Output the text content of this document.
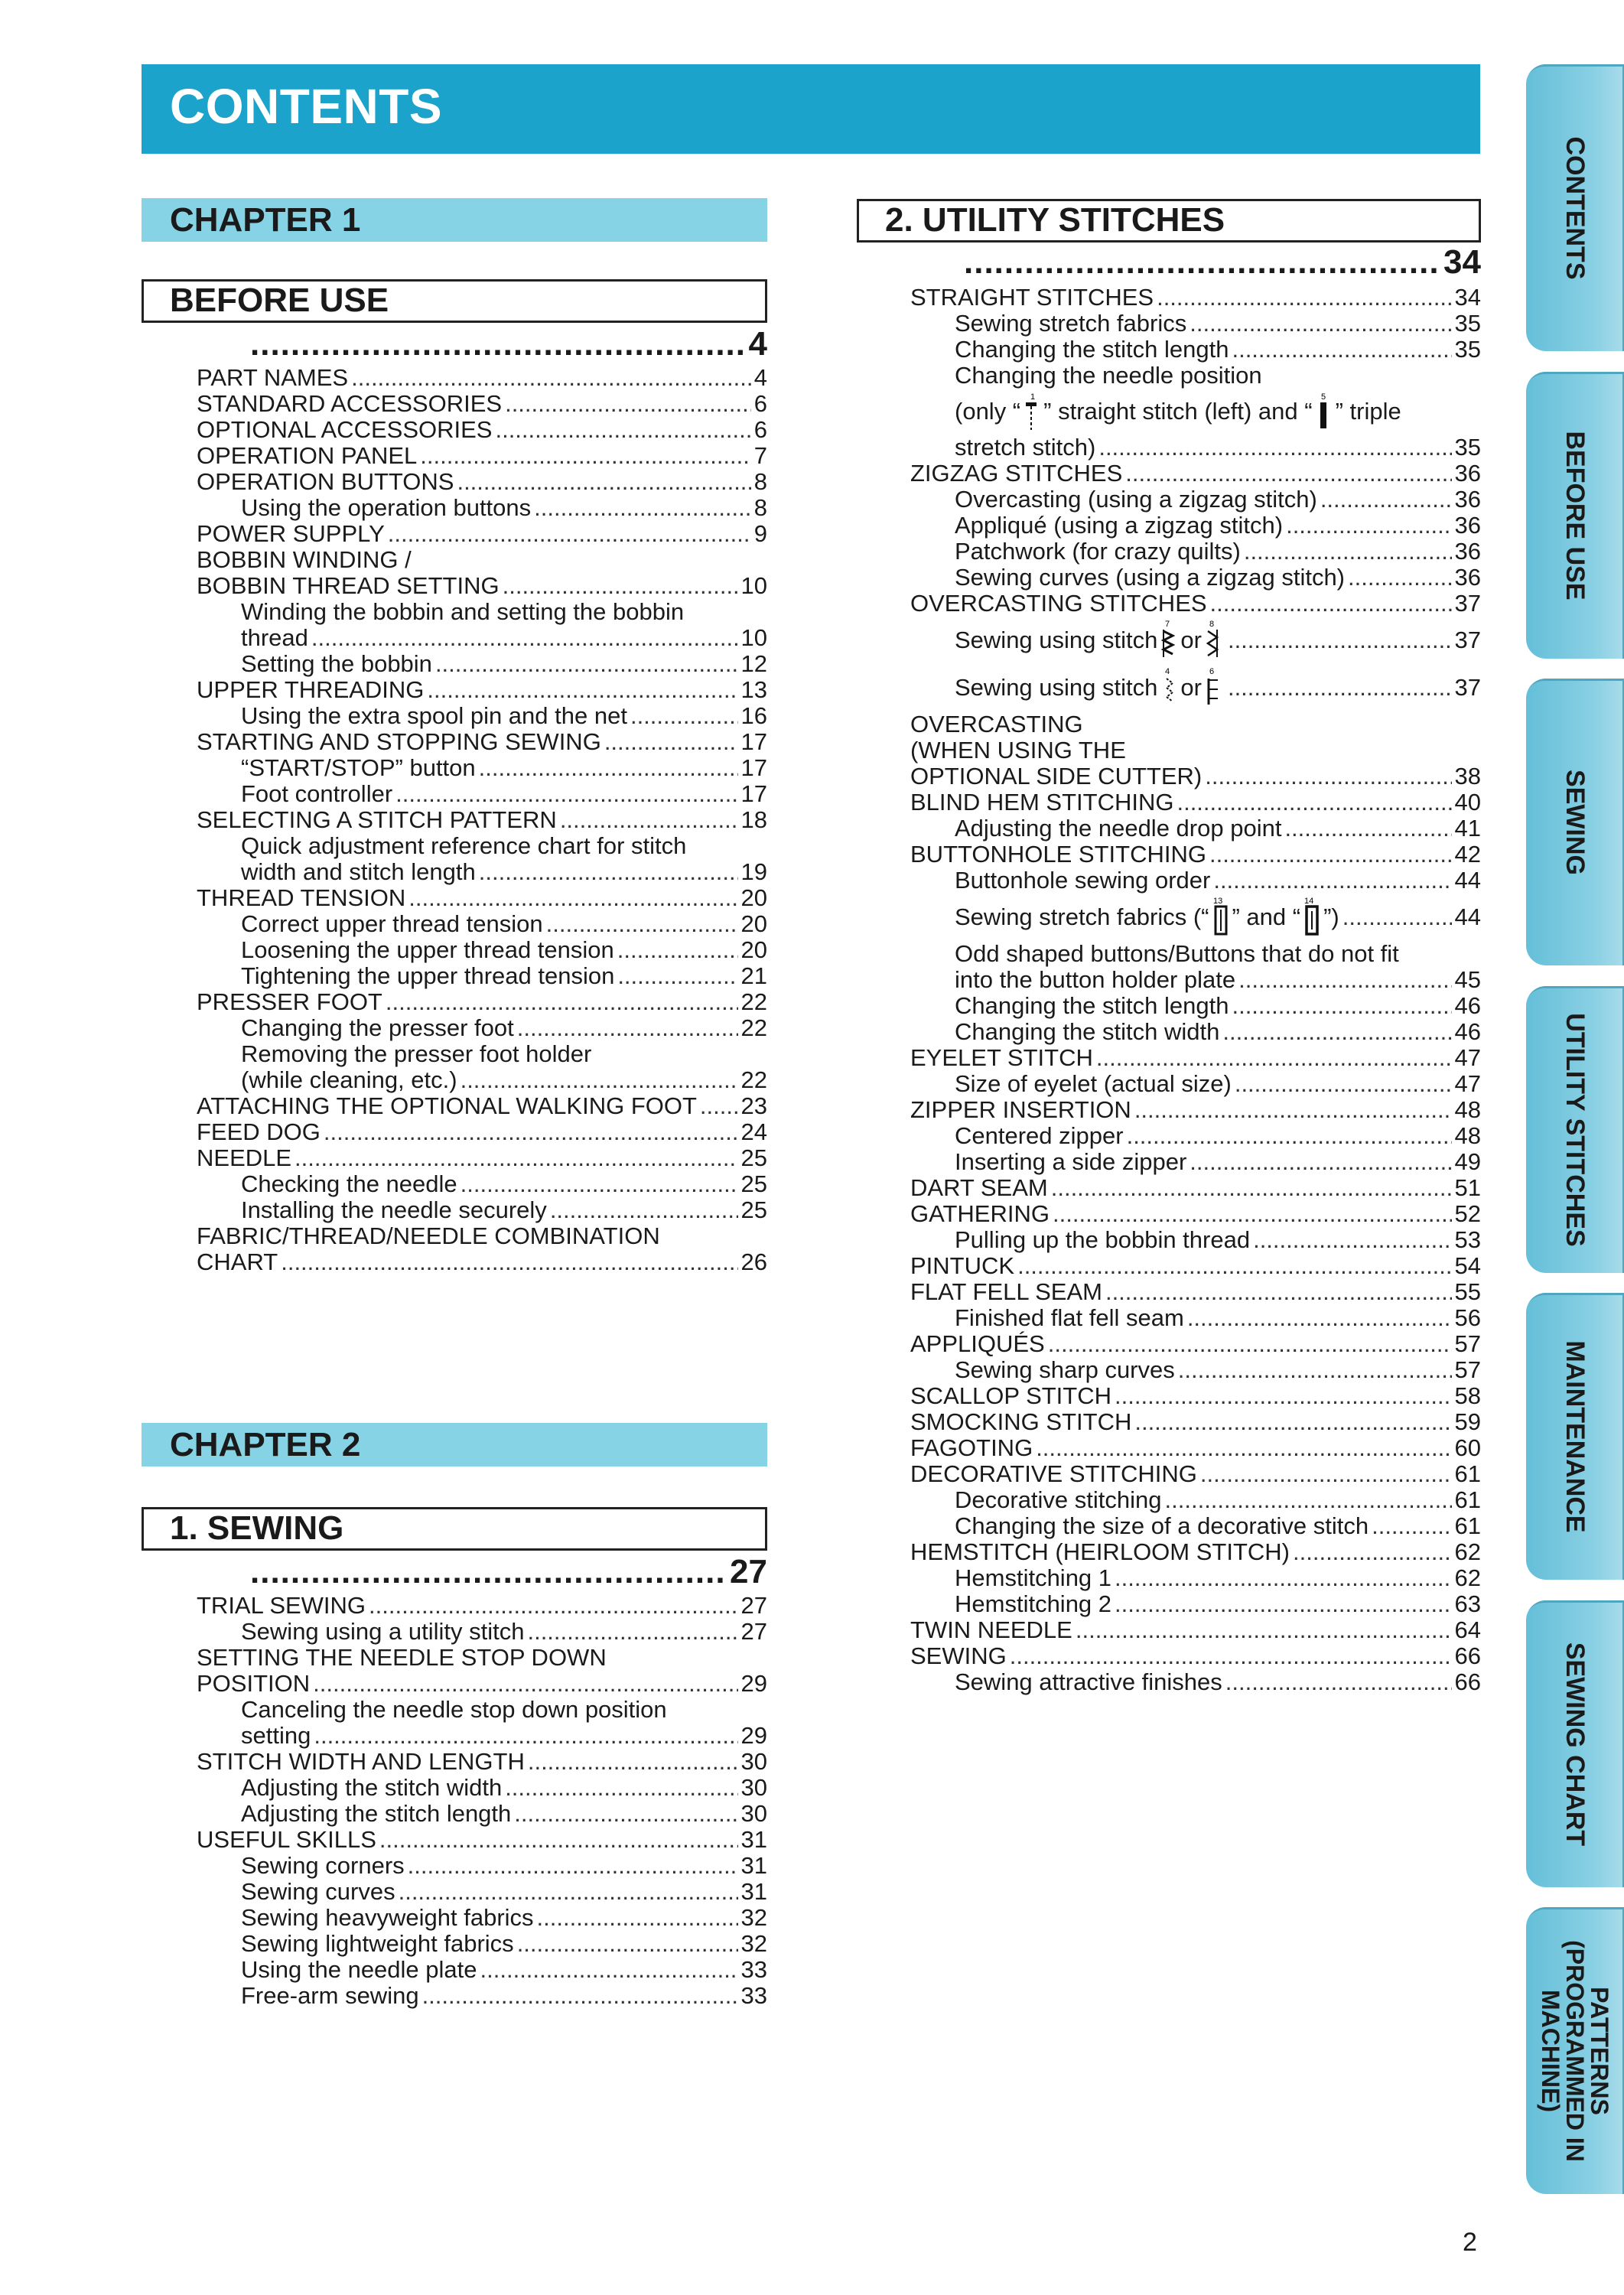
CONTENTS
CHAPTER 1
BEFORE USE
.....
4
PART NAMES .....	4
STANDARD ACCESSORIES .....	6
OPTIONAL ACCESSORIES .....	6
OPERATION PANEL .....	7
OPERATION BUTTONS .....	8
Using the operation buttons .....	8
POWER SUPPLY .....	9
BOBBIN WINDING /
BOBBIN THREAD SETTING .....	10
Winding the bobbin and setting the bobbin
thread .....	10
Setting the bobbin .....	12
UPPER THREADING .....	13
Using the extra spool pin and the net .....	16
STARTING AND STOPPING SEWING .....	17
“START/STOP” button .....	17
Foot controller .....	17
SELECTING A STITCH PATTERN .....	18
Quick adjustment reference chart for stitch
width and stitch length .....	19
THREAD TENSION .....	20
Correct upper thread tension .....	20
Loosening the upper thread tension .....	20
Tightening the upper thread tension .....	21
PRESSER FOOT .....	22
Changing the presser foot .....	22
Removing the presser foot holder
(while cleaning, etc.) .....	22
ATTACHING THE OPTIONAL WALKING FOOT ..... 23
FEED DOG .....	24
NEEDLE .....	25
Checking the needle .....	25
Installing the needle securely .....	25
FABRIC/THREAD/NEEDLE COMBINATION
CHART .....	26
CHAPTER 2
1. SEWING
.....
27
TRIAL SEWING .....	27
Sewing using a utility stitch .....	27
SETTING THE NEEDLE STOP DOWN
POSITION .....	29
Canceling the needle stop down position
setting .....	29
STITCH WIDTH AND LENGTH .....	30
Adjusting the stitch width .....	30
Adjusting the stitch length .....	30
USEFUL SKILLS .....	31
Sewing corners .....	31
Sewing curves .....	31
Sewing heavyweight fabrics .....	32
Sewing lightweight fabrics .....	32
Using the needle plate .....	33
Free-arm sewing .....	33
2. UTILITY STITCHES
.....
34
STRAIGHT STITCHES .....	34
Sewing stretch fabrics .....	35
Changing the stitch length .....	35
Changing the needle position
(only “
1
” straight stitch (left) and “
5
” triple
stretch stitch) .....	35
ZIGZAG STITCHES .....	36
Overcasting (using a zigzag stitch) .....	36
Appliqué (using a zigzag stitch) .....	36
Patchwork (for crazy quilts) .....	36
Sewing curves (using a zigzag stitch) .....	36
OVERCASTING STITCHES .....	37
Sewing using stitch
7
or
8
.....
37
Sewing using stitch
4
or
6
.....
37
OVERCASTING
(WHEN USING THE
OPTIONAL SIDE CUTTER) .....	38
BLIND HEM STITCHING .....	40
Adjusting the needle drop point .....	41
BUTTONHOLE STITCHING .....	42
Buttonhole sewing order .....	44
Sewing stretch fabrics (“
13
” and “
14
”) .....	44
Odd shaped buttons/Buttons that do not fit
into the button holder plate .....	45
Changing the stitch length .....	46
Changing the stitch width .....	46
EYELET STITCH .....	47
Size of eyelet (actual size) .....	47
ZIPPER INSERTION .....	48
Centered zipper .....	48
Inserting a side zipper .....	49
DART SEAM .....	51
GATHERING .....	52
Pulling up the bobbin thread .....	53
PINTUCK .....	54
FLAT FELL SEAM .....	55
Finished flat fell seam .....	56
APPLIQUÉS .....	57
Sewing sharp curves .....	57
SCALLOP STITCH .....	58
SMOCKING STITCH .....	59
FAGOTING .....	60
DECORATIVE STITCHING .....	61
Decorative stitching .....	61
Changing the size of a decorative stitch .....	61
HEMSTITCH (HEIRLOOM STITCH) .....	62
Hemstitching 1 .....	62
Hemstitching 2 .....	63
TWIN NEEDLE .....	64
SEWING .....	66
Sewing attractive finishes .....	66
CONTENTS
BEFORE USE
SEWING
UTILITY STITCHES
MAINTENANCE
SEWING CHART
PATTERNS (PROGRAMMED IN MACHINE)
2
